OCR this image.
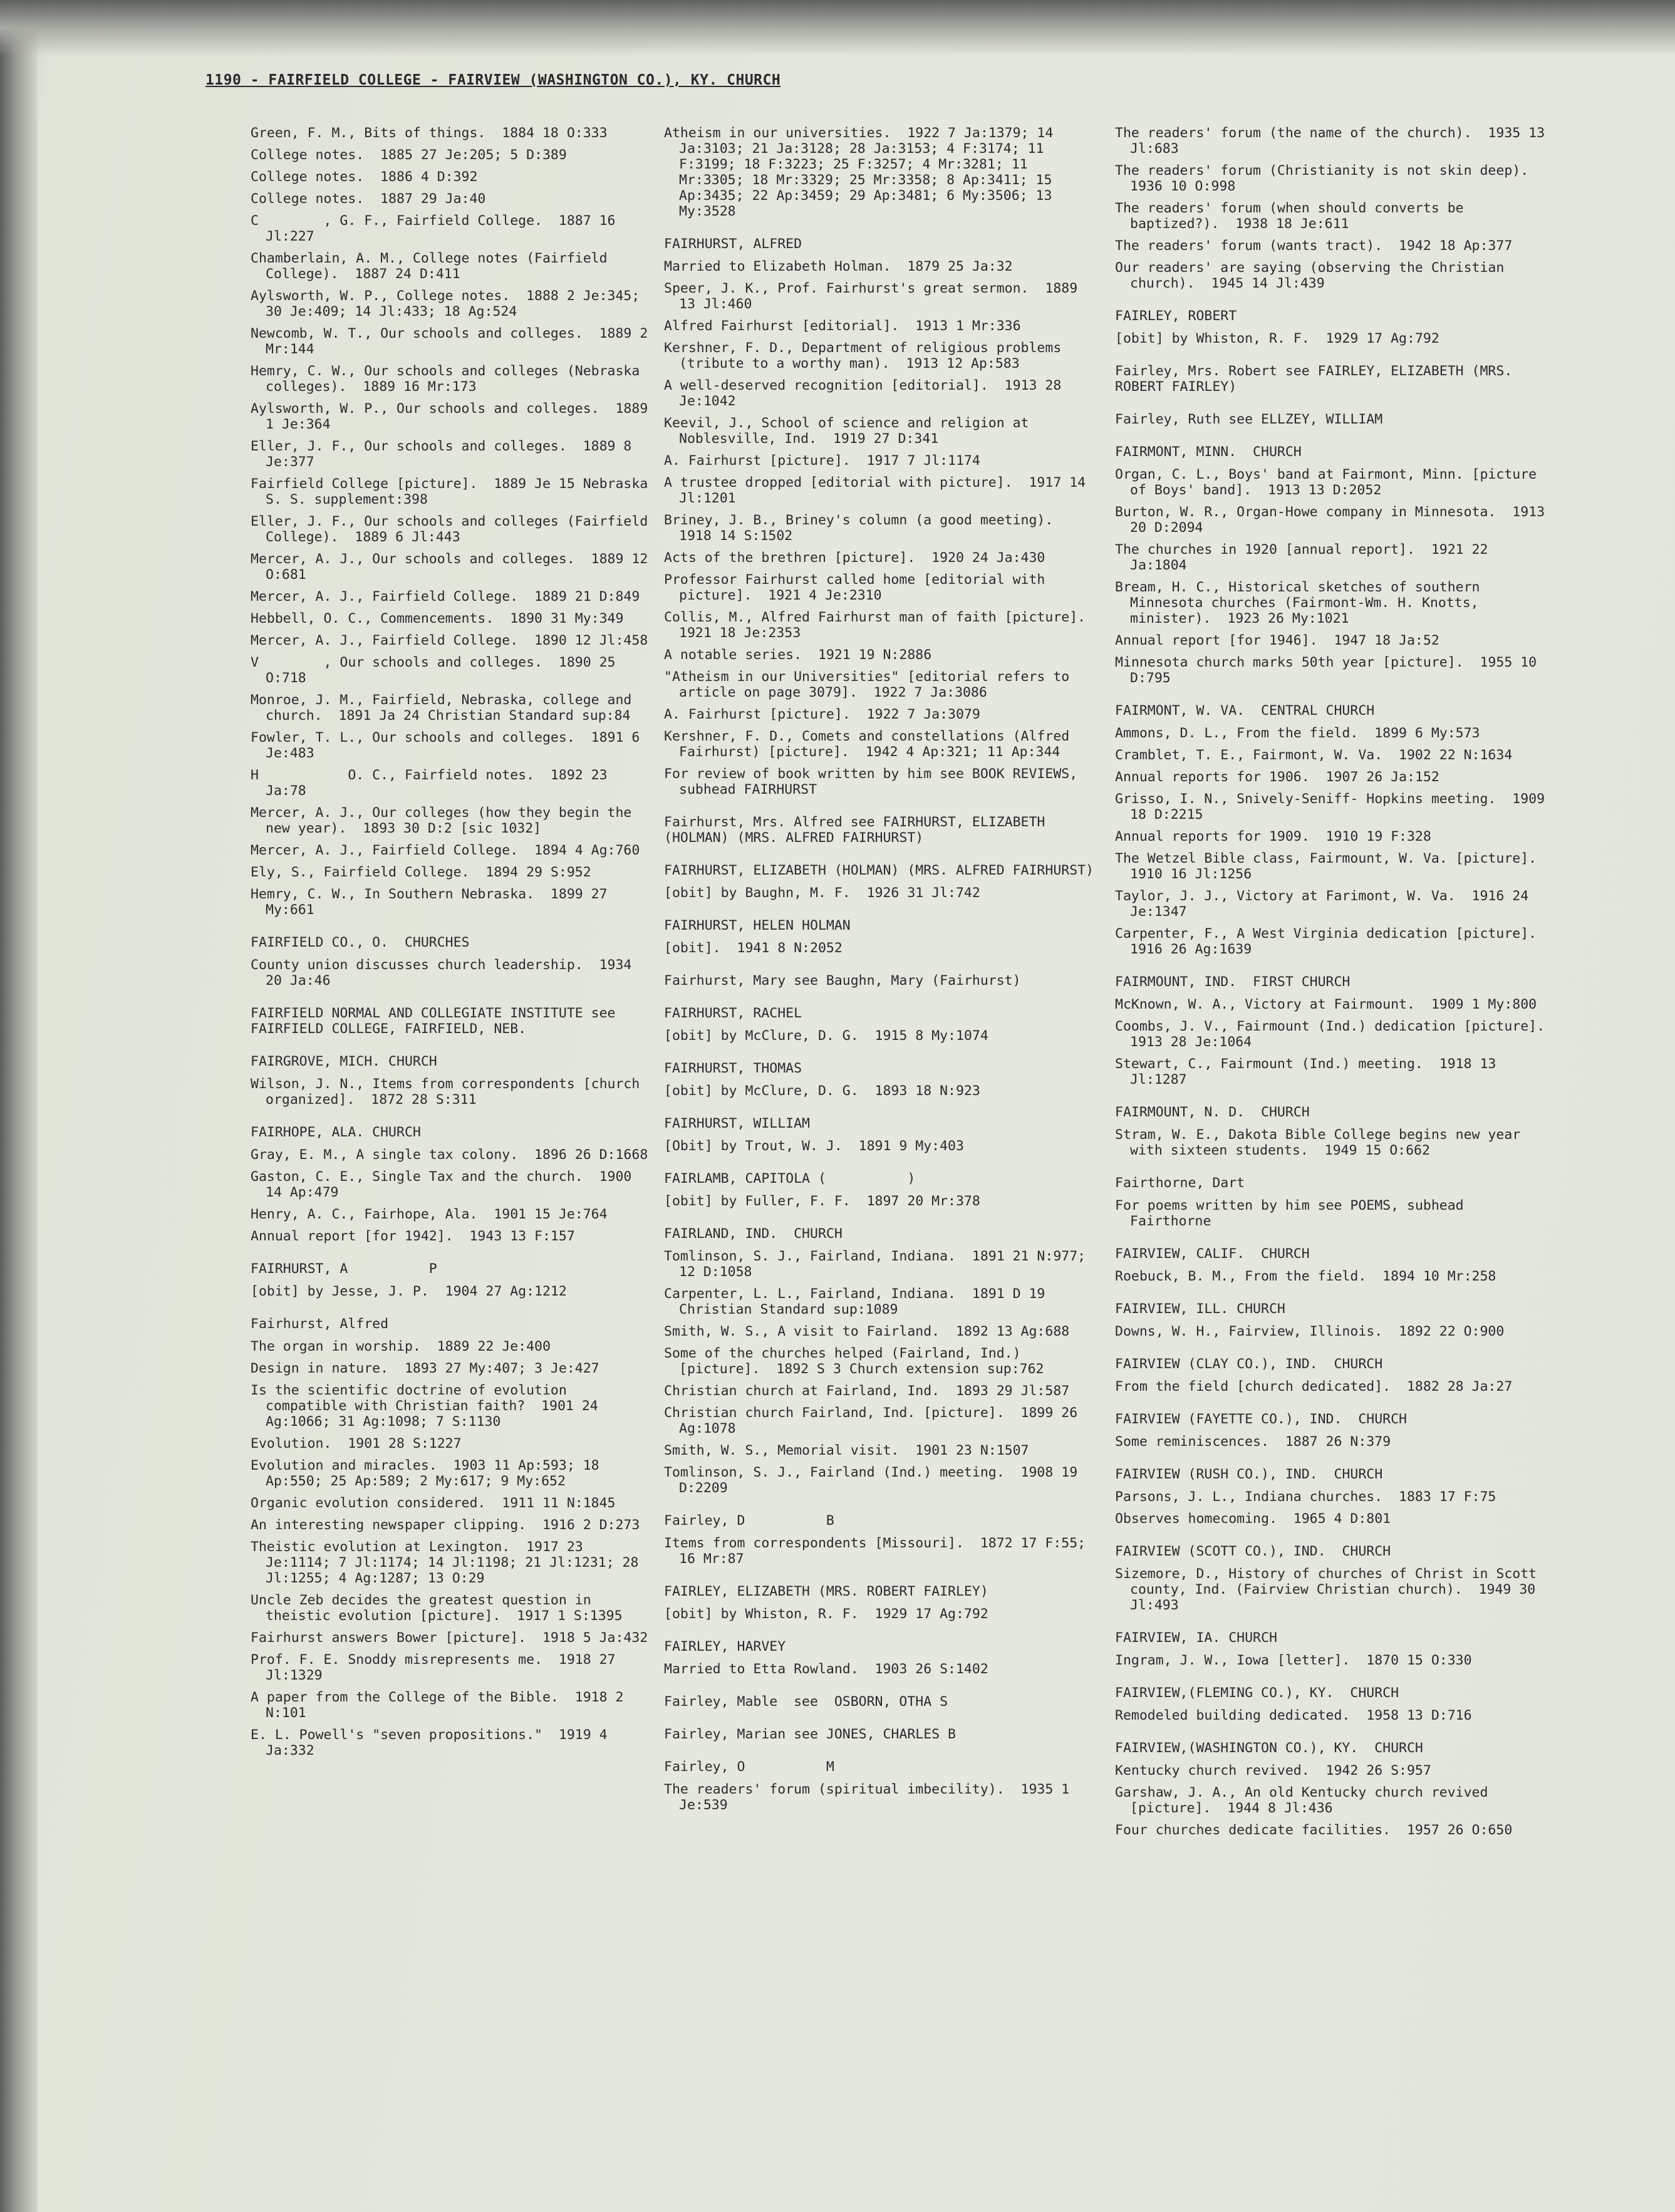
1190 - FAIRFIELD COLLEGE - FAIRVIEW (WASHINGTON CO.), KY. CHURCH
Green, F. M., Bits of things.  1884 18 O:333
College notes.  1885 27 Je:205; 5 D:389
College notes.  1886 4 D:392
College notes.  1887 29 Ja:40
C        , G. F., Fairfield College.  1887 16 Jl:227
Chamberlain, A. M., College notes (Fairfield College).  1887 24 D:411
Aylsworth, W. P., College notes.  1888 2 Je:345; 30 Je:409; 14 Jl:433; 18 Ag:524
Newcomb, W. T., Our schools and colleges.  1889 2 Mr:144
Hemry, C. W., Our schools and colleges (Nebraska colleges).  1889 16 Mr:173
Aylsworth, W. P., Our schools and colleges.  1889 1 Je:364
Eller, J. F., Our schools and colleges.  1889 8 Je:377
Fairfield College [picture].  1889 Je 15 Nebraska S. S. supplement:398
Eller, J. F., Our schools and colleges (Fairfield College).  1889 6 Jl:443
Mercer, A. J., Our schools and colleges.  1889 12 O:681
Mercer, A. J., Fairfield College.  1889 21 D:849
Hebbell, O. C., Commencements.  1890 31 My:349
Mercer, A. J., Fairfield College.  1890 12 Jl:458
V        , Our schools and colleges.  1890 25 O:718
Monroe, J. M., Fairfield, Nebraska, college and church.  1891 Ja 24 Christian Standard sup:84
Fowler, T. L., Our schools and colleges.  1891 6 Je:483
H           O. C., Fairfield notes.  1892 23 Ja:78
Mercer, A. J., Our colleges (how they begin the new year).  1893 30 D:2 [sic 1032]
Mercer, A. J., Fairfield College.  1894 4 Ag:760
Ely, S., Fairfield College.  1894 29 S:952
Hemry, C. W., In Southern Nebraska.  1899 27 My:661
FAIRFIELD CO., O.  CHURCHES
County union discusses church leadership.  1934 20 Ja:46
FAIRFIELD NORMAL AND COLLEGIATE INSTITUTE see FAIRFIELD COLLEGE, FAIRFIELD, NEB.
FAIRGROVE, MICH. CHURCH
Wilson, J. N., Items from correspondents [church organized].  1872 28 S:311
FAIRHOPE, ALA. CHURCH
Gray, E. M., A single tax colony.  1896 26 D:1668
Gaston, C. E., Single Tax and the church.  1900 14 Ap:479
Henry, A. C., Fairhope, Ala.  1901 15 Je:764
Annual report [for 1942].  1943 13 F:157
FAIRHURST, A          P
[obit] by Jesse, J. P.  1904 27 Ag:1212
Fairhurst, Alfred
The organ in worship.  1889 22 Je:400
Design in nature.  1893 27 My:407; 3 Je:427
Is the scientific doctrine of evolution compatible with Christian faith?  1901 24 Ag:1066; 31 Ag:1098; 7 S:1130
Evolution.  1901 28 S:1227
Evolution and miracles.  1903 11 Ap:593; 18 Ap:550; 25 Ap:589; 2 My:617; 9 My:652
Organic evolution considered.  1911 11 N:1845
An interesting newspaper clipping.  1916 2 D:273
Theistic evolution at Lexington.  1917 23 Je:1114; 7 Jl:1174; 14 Jl:1198; 21 Jl:1231; 28 Jl:1255; 4 Ag:1287; 13 O:29
Uncle Zeb decides the greatest question in theistic evolution [picture].  1917 1 S:1395
Fairhurst answers Bower [picture].  1918 5 Ja:432
Prof. F. E. Snoddy misrepresents me.  1918 27 Jl:1329
A paper from the College of the Bible.  1918 2 N:101
E. L. Powell's "seven propositions."  1919 4 Ja:332
Atheism in our universities.  1922 7 Ja:1379; 14 Ja:3103; 21 Ja:3128; 28 Ja:3153; 4 F:3174; 11 F:3199; 18 F:3223; 25 F:3257; 4 Mr:3281; 11 Mr:3305; 18 Mr:3329; 25 Mr:3358; 8 Ap:3411; 15 Ap:3435; 22 Ap:3459; 29 Ap:3481; 6 My:3506; 13 My:3528
FAIRHURST, ALFRED
Married to Elizabeth Holman.  1879 25 Ja:32
Speer, J. K., Prof. Fairhurst's great sermon.  1889 13 Jl:460
Alfred Fairhurst [editorial].  1913 1 Mr:336
Kershner, F. D., Department of religious problems (tribute to a worthy man).  1913 12 Ap:583
A well-deserved recognition [editorial].  1913 28 Je:1042
Keevil, J., School of science and religion at Noblesville, Ind.  1919 27 D:341
A. Fairhurst [picture].  1917 7 Jl:1174
A trustee dropped [editorial with picture].  1917 14 Jl:1201
Briney, J. B., Briney's column (a good meeting).  1918 14 S:1502
Acts of the brethren [picture].  1920 24 Ja:430
Professor Fairhurst called home [editorial with picture].  1921 4 Je:2310
Collis, M., Alfred Fairhurst man of faith [picture].  1921 18 Je:2353
A notable series.  1921 19 N:2886
"Atheism in our Universities" [editorial refers to article on page 3079].  1922 7 Ja:3086
A. Fairhurst [picture].  1922 7 Ja:3079
Kershner, F. D., Comets and constellations (Alfred Fairhurst) [picture].  1942 4 Ap:321; 11 Ap:344
For review of book written by him see BOOK REVIEWS, subhead FAIRHURST
Fairhurst, Mrs. Alfred see FAIRHURST, ELIZABETH (HOLMAN) (MRS. ALFRED FAIRHURST)
FAIRHURST, ELIZABETH (HOLMAN) (MRS. ALFRED FAIRHURST)
[obit] by Baughn, M. F.  1926 31 Jl:742
FAIRHURST, HELEN HOLMAN
[obit].  1941 8 N:2052
Fairhurst, Mary see Baughn, Mary (Fairhurst)
FAIRHURST, RACHEL
[obit] by McClure, D. G.  1915 8 My:1074
FAIRHURST, THOMAS
[obit] by McClure, D. G.  1893 18 N:923
FAIRHURST, WILLIAM
[Obit] by Trout, W. J.  1891 9 My:403
FAIRLAMB, CAPITOLA (          )
[obit] by Fuller, F. F.  1897 20 Mr:378
FAIRLAND, IND.  CHURCH
Tomlinson, S. J., Fairland, Indiana.  1891 21 N:977; 12 D:1058
Carpenter, L. L., Fairland, Indiana.  1891 D 19 Christian Standard sup:1089
Smith, W. S., A visit to Fairland.  1892 13 Ag:688
Some of the churches helped (Fairland, Ind.) [picture].  1892 S 3 Church extension sup:762
Christian church at Fairland, Ind.  1893 29 Jl:587
Christian church Fairland, Ind. [picture].  1899 26 Ag:1078
Smith, W. S., Memorial visit.  1901 23 N:1507
Tomlinson, S. J., Fairland (Ind.) meeting.  1908 19 D:2209
Fairley, D          B
Items from correspondents [Missouri].  1872 17 F:55; 16 Mr:87
FAIRLEY, ELIZABETH (MRS. ROBERT FAIRLEY)
[obit] by Whiston, R. F.  1929 17 Ag:792
FAIRLEY, HARVEY
Married to Etta Rowland.  1903 26 S:1402
Fairley, Mable  see  OSBORN, OTHA S
Fairley, Marian see JONES, CHARLES B
Fairley, O          M
The readers' forum (spiritual imbecility).  1935 1 Je:539
The readers' forum (the name of the church).  1935 13 Jl:683
The readers' forum (Christianity is not skin deep).  1936 10 O:998
The readers' forum (when should converts be baptized?).  1938 18 Je:611
The readers' forum (wants tract).  1942 18 Ap:377
Our readers' are saying (observing the Christian church).  1945 14 Jl:439
FAIRLEY, ROBERT
[obit] by Whiston, R. F.  1929 17 Ag:792
Fairley, Mrs. Robert see FAIRLEY, ELIZABETH (MRS. ROBERT FAIRLEY)
Fairley, Ruth see ELLZEY, WILLIAM
FAIRMONT, MINN.  CHURCH
Organ, C. L., Boys' band at Fairmont, Minn. [picture of Boys' band].  1913 13 D:2052
Burton, W. R., Organ-Howe company in Minnesota.  1913 20 D:2094
The churches in 1920 [annual report].  1921 22 Ja:1804
Bream, H. C., Historical sketches of southern Minnesota churches (Fairmont-Wm. H. Knotts, minister).  1923 26 My:1021
Annual report [for 1946].  1947 18 Ja:52
Minnesota church marks 50th year [picture].  1955 10 D:795
FAIRMONT, W. VA.  CENTRAL CHURCH
Ammons, D. L., From the field.  1899 6 My:573
Cramblet, T. E., Fairmont, W. Va.  1902 22 N:1634
Annual reports for 1906.  1907 26 Ja:152
Grisso, I. N., Snively-Seniff- Hopkins meeting.  1909 18 D:2215
Annual reports for 1909.  1910 19 F:328
The Wetzel Bible class, Fairmount, W. Va. [picture].  1910 16 Jl:1256
Taylor, J. J., Victory at Farimont, W. Va.  1916 24 Je:1347
Carpenter, F., A West Virginia dedication [picture].  1916 26 Ag:1639
FAIRMOUNT, IND.  FIRST CHURCH
McKnown, W. A., Victory at Fairmount.  1909 1 My:800
Coombs, J. V., Fairmount (Ind.) dedication [picture].  1913 28 Je:1064
Stewart, C., Fairmount (Ind.) meeting.  1918 13 Jl:1287
FAIRMOUNT, N. D.  CHURCH
Stram, W. E., Dakota Bible College begins new year with sixteen students.  1949 15 O:662
Fairthorne, Dart
For poems written by him see POEMS, subhead Fairthorne
FAIRVIEW, CALIF.  CHURCH
Roebuck, B. M., From the field.  1894 10 Mr:258
FAIRVIEW, ILL. CHURCH
Downs, W. H., Fairview, Illinois.  1892 22 O:900
FAIRVIEW (CLAY CO.), IND.  CHURCH
From the field [church dedicated].  1882 28 Ja:27
FAIRVIEW (FAYETTE CO.), IND.  CHURCH
Some reminiscences.  1887 26 N:379
FAIRVIEW (RUSH CO.), IND.  CHURCH
Parsons, J. L., Indiana churches.  1883 17 F:75
Observes homecoming.  1965 4 D:801
FAIRVIEW (SCOTT CO.), IND.  CHURCH
Sizemore, D., History of churches of Christ in Scott county, Ind. (Fairview Christian church).  1949 30 Jl:493
FAIRVIEW, IA. CHURCH
Ingram, J. W., Iowa [letter].  1870 15 O:330
FAIRVIEW,(FLEMING CO.), KY.  CHURCH
Remodeled building dedicated.  1958 13 D:716
FAIRVIEW,(WASHINGTON CO.), KY.  CHURCH
Kentucky church revived.  1942 26 S:957
Garshaw, J. A., An old Kentucky church revived [picture].  1944 8 Jl:436
Four churches dedicate facilities.  1957 26 O:650
